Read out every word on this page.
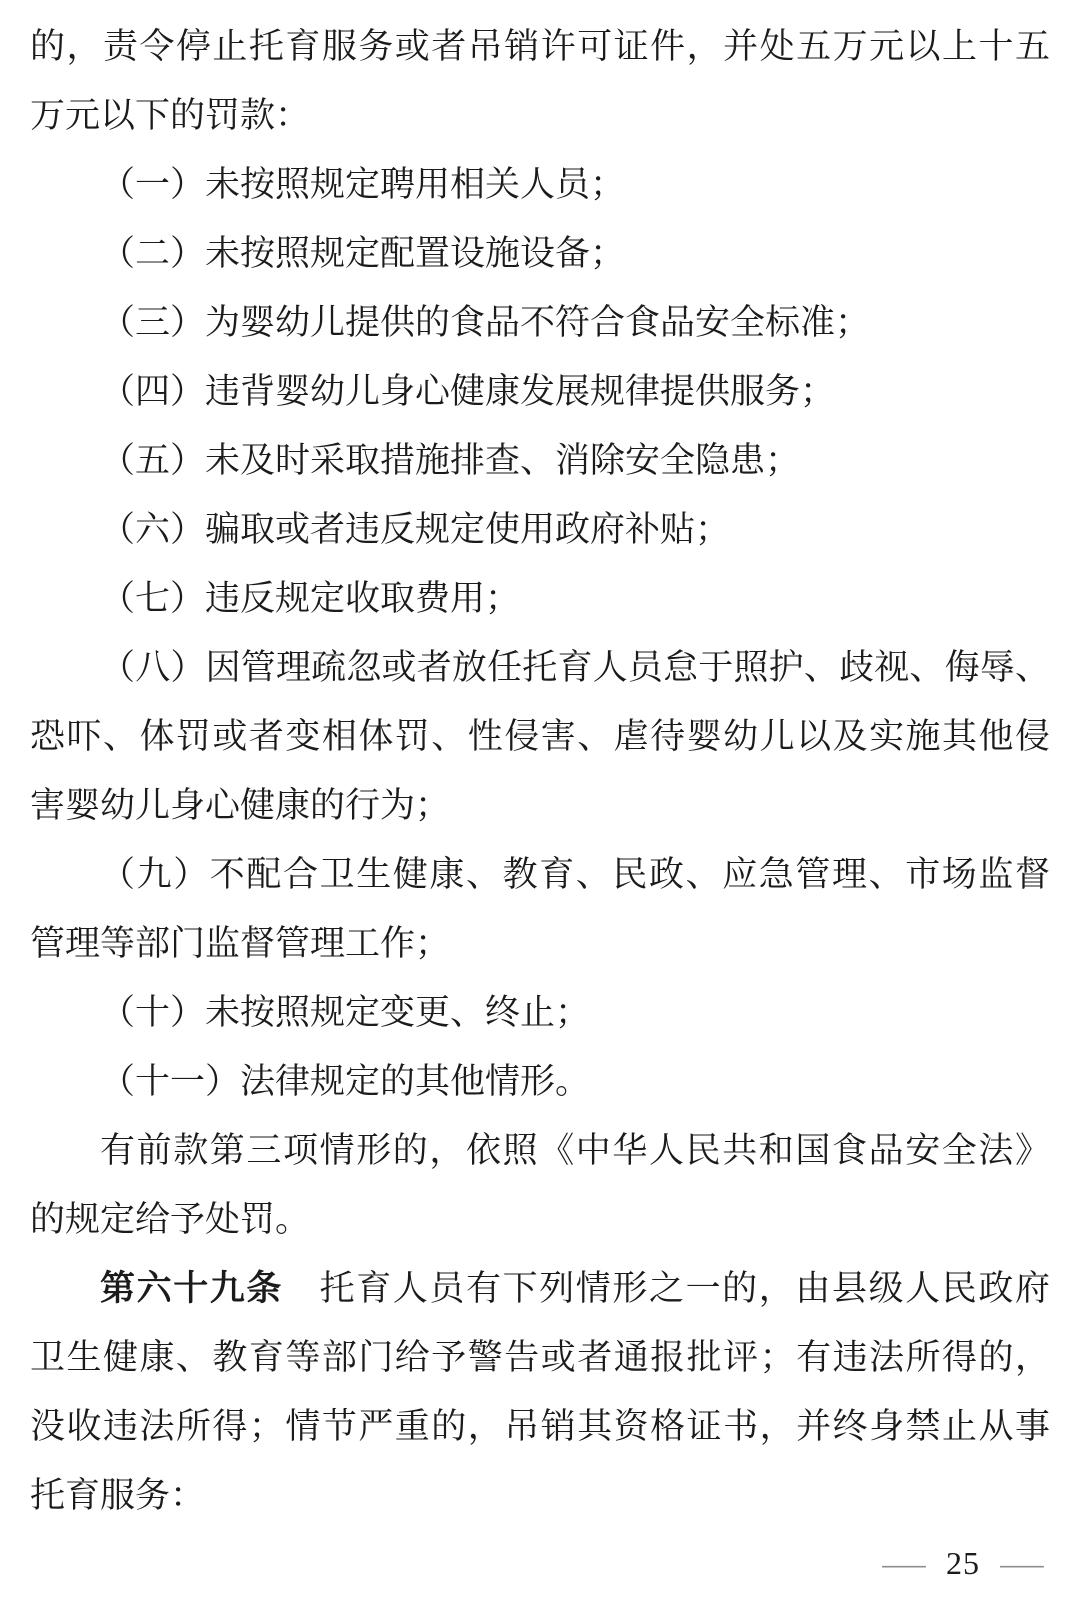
的，责令停止托育服务或者吊销许可证件，并处五万元以上十五
万元以下的罚款：
（一）未按照规定聘用相关人员；
（二）未按照规定配置设施设备；
（三）为婴幼儿提供的食品不符合食品安全标准；
（四）违背婴幼儿身心健康发展规律提供服务；
（五）未及时采取措施排查、消除安全隐患；
（六）骗取或者违反规定使用政府补贴；
（七）违反规定收取费用；
（八）因管理疏忽或者放任托育人员怠于照护、歧视、侮辱、
恐吓、体罚或者变相体罚、性侵害、虐待婴幼儿以及实施其他侵
害婴幼儿身心健康的行为；
（九）不配合卫生健康、教育、民政、应急管理、市场监督
管理等部门监督管理工作；
（十）未按照规定变更、终止；
（十一）法律规定的其他情形。
有前款第三项情形的，依照《中华人民共和国食品安全法》
的规定给予处罚。
第六十九条　托育人员有下列情形之一的，由县级人民政府
卫生健康、教育等部门给予警告或者通报批评；有违法所得的，
没收违法所得；情节严重的，吊销其资格证书，并终身禁止从事
托育服务：
— 25 —
